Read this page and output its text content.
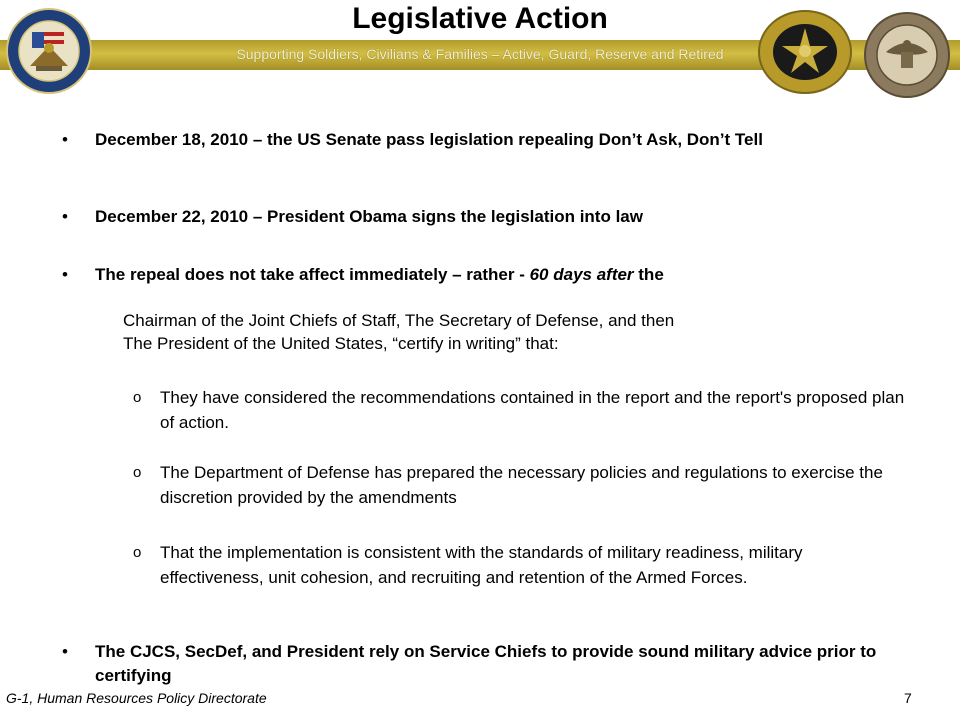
Legislative Action
Supporting Soldiers, Civilians & Families – Active, Guard, Reserve and Retired
•	December 18, 2010 – the US Senate pass legislation repealing Don’t Ask, Don’t Tell
•	December 22, 2010 – President Obama signs the legislation into law
•	The repeal does not take affect immediately – rather - 60 days after the
Chairman of the Joint Chiefs of Staff, The Secretary of Defense, and then
The President of the United States, “certify in writing” that:
o	They have considered the recommendations contained in the report and the report's proposed plan of action.
o	The Department of Defense has prepared the necessary policies and regulations to exercise the discretion provided by the amendments
o	That the implementation is consistent with the standards of military readiness, military effectiveness, unit cohesion, and recruiting and retention of the Armed Forces.
•	The CJCS, SecDef, and President rely on Service Chiefs to provide sound military advice prior to certifying
G-1, Human Resources Policy Directorate	7
